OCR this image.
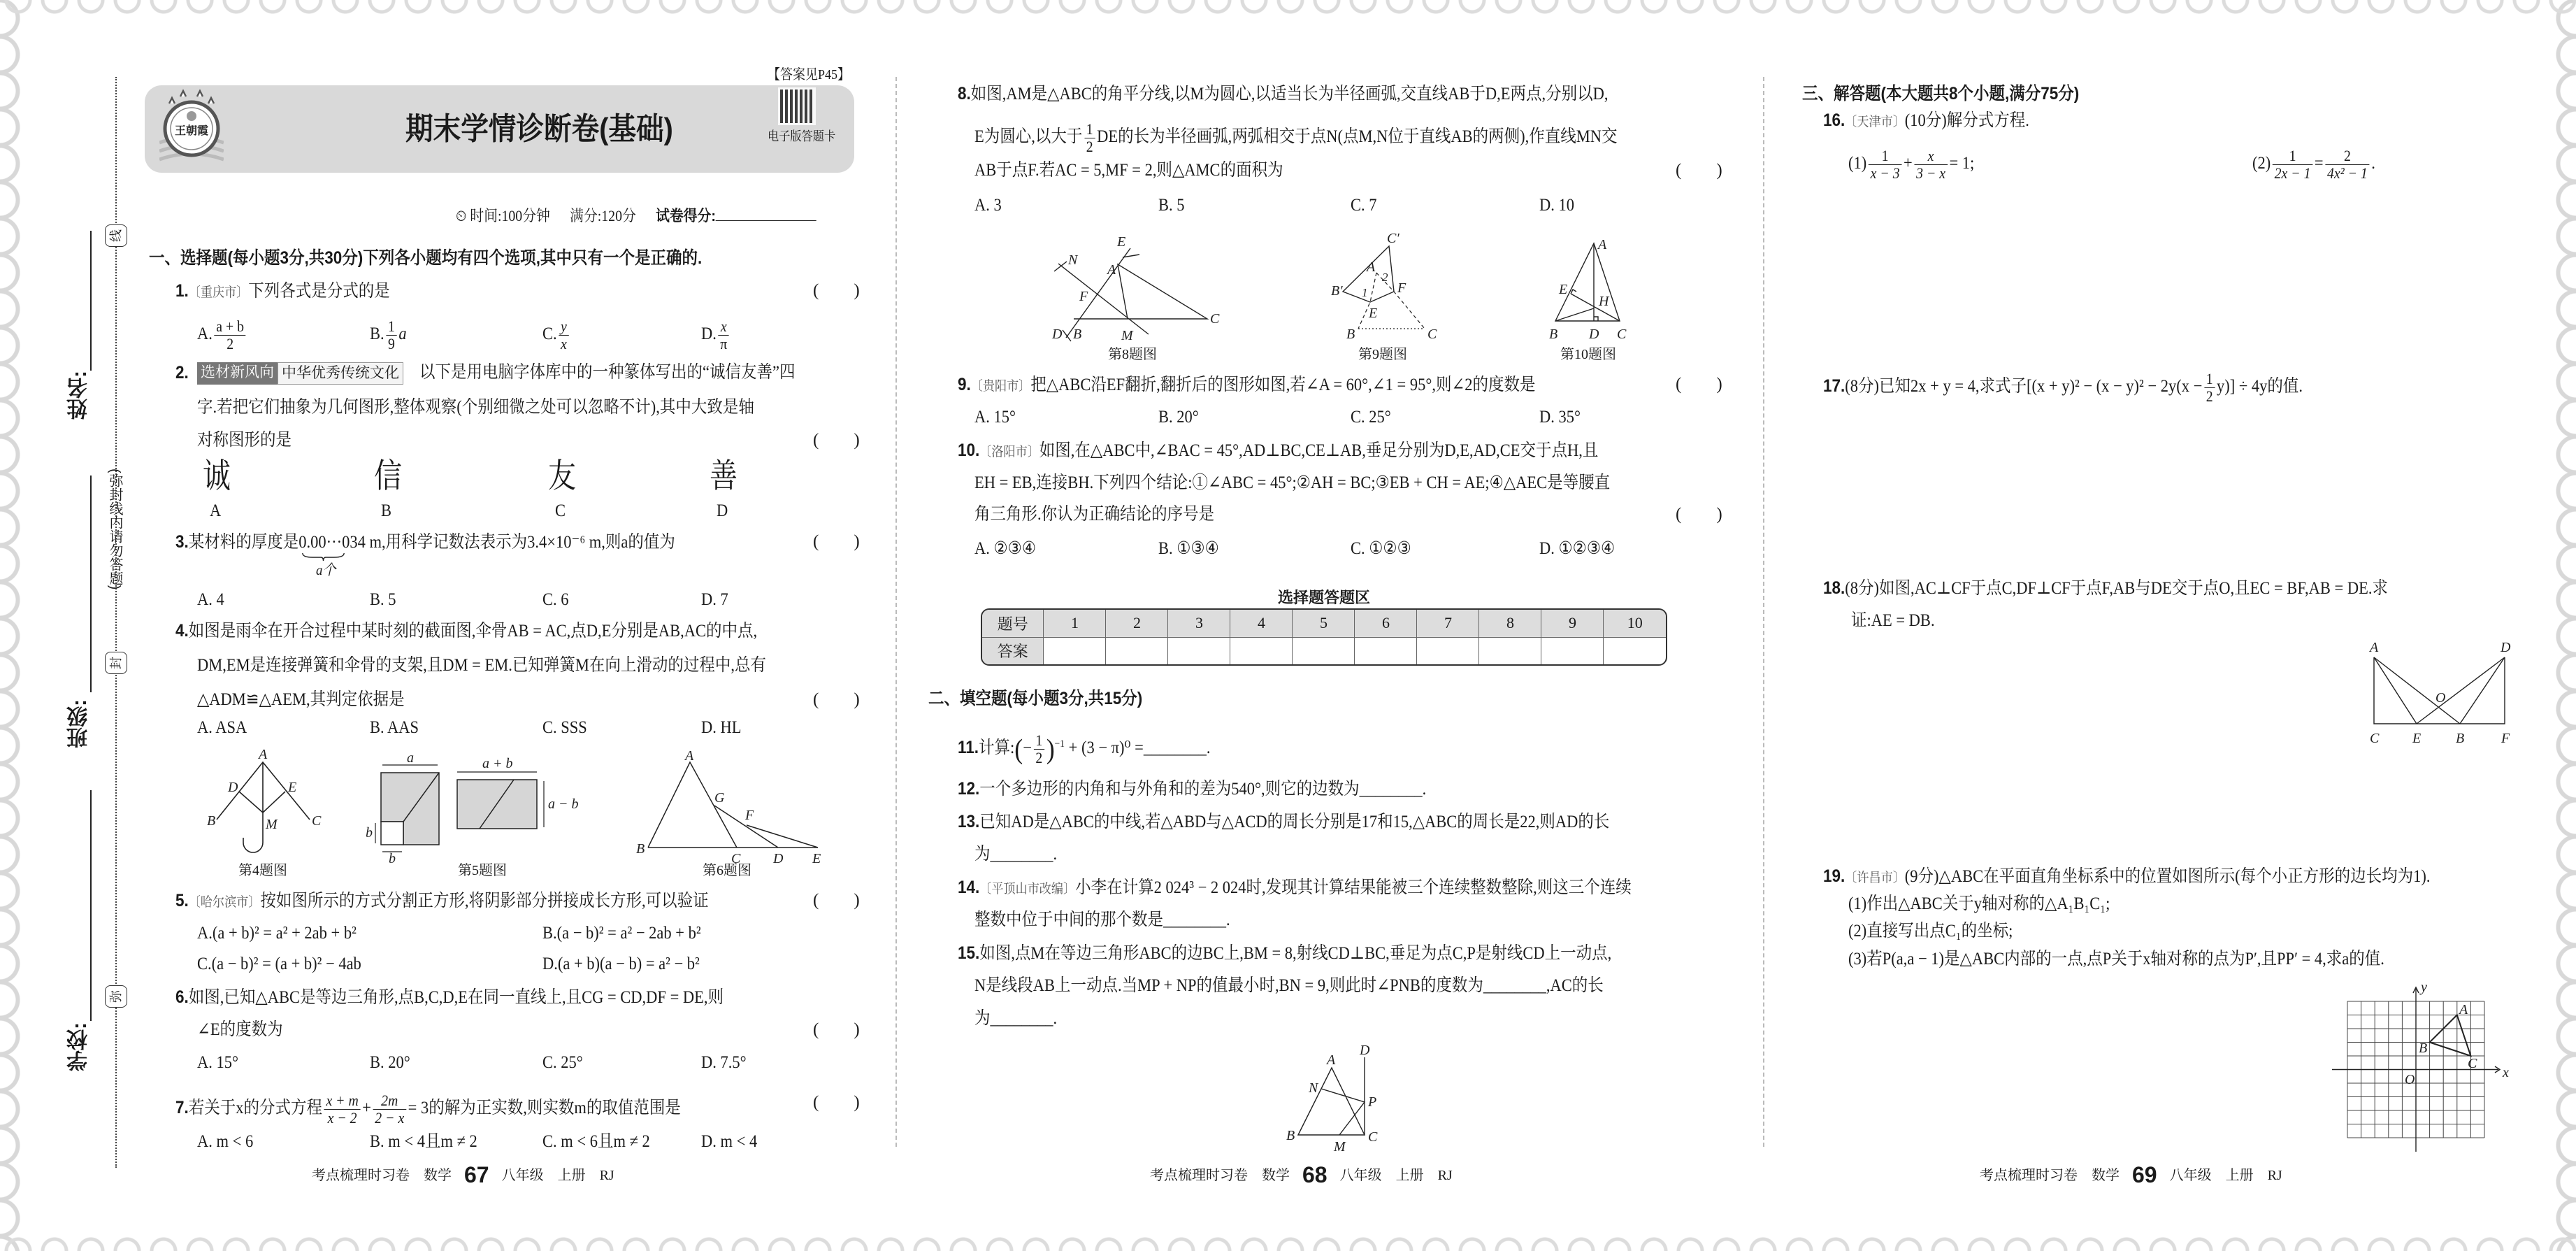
线
封
弥
姓名:
班级:
学校:
(弥封线内请勿答题)
【答案见P45】
王朝霞	期末学情诊断卷(基础)	电子版答题卡
⏲ 时间:100分钟 满分:120分 试卷得分:
一、选择题(每小题3分,共30分)下列各小题均有四个选项,其中只有一个是正确的.
1.〔重庆市〕下列各式是分式的是	(　　)
A. $\frac{a + b}{2}$	B. $\frac{1}{9}$ a	C. $\frac{y}{x}$	D. $\frac{x}{\pi}$
2. 选材新风向 中华优秀传统文化 以下是用电脑字体库中的一种篆体写出的“诚信友善”四
字.若把它们抽象为几何图形,整体观察(个别细微之处可以忽略不计),其中大致是轴
对称图形的是	(　　)
诚	信	友	善
A	B	C	D
3.某材料的厚度是0.00···0
34 m,用科学记数法表示为3.4×10⁻⁶ m,则a的值为
a个
(　　)
A. 4	B. 5	C. 6	D. 7
4.如图是雨伞在开合过程中某时刻的截面图,伞骨AB = AC,点D,E分别是AB,AC的中点,
DM,EM是连接弹簧和伞骨的支架,且DM = EM.已知弹簧M在向上滑动的过程中,总有
△ADM≌△AEM,其判定依据是	(　　)
A. ASA	B. AAS	C. SSS	D. HL
A
D	E
B	C
M
第4题图
a
b
b
a + b
a − b
第5题图
A
G
F
B
C D E
第6题图
5.〔哈尔滨市〕按如图所示的方式分割正方形,将阴影部分拼接成长方形,可以验证	(　　)
A.(a + b)² = a² + 2ab + b²	B.(a − b)² = a² − 2ab + b²
C.(a − b)² = (a + b)² − 4ab	D.(a + b)(a − b) = a² − b²
6.如图,已知△ABC是等边三角形,点B,C,D,E在同一直线上,且CG = CD,DF = DE,则
∠E的度数为	(　　)
A. 15°	B. 20°	C. 25°	D. 7.5°
7.若关于x的分式方程 $\frac{x + m}{x - 2} + \frac{2m}{2 - x} = 3$的解为正实数,则实数m的取值范围是	(　　)
A. m < 6	B. m < 4且m ≠ 2	C. m < 6且m ≠ 2	D. m < 4
考点梳理时习卷　数学 67 八年级　上册　RJ
8.如图,AM是△ABC的角平分线,以M为圆心,以适当长为半径画弧,交直线AB于D,E两点,分别以D,
E为圆心,以大于 $\frac{1}{2}$ DE的长为半径画弧,两弧相交于点N(点M,N位于直线AB的两侧),作直线MN交
AB于点F.若AC = 5,MF = 2,则△AMC的面积为	(　　)
A. 3	B. 5	C. 7	D. 10
E
N
A
F
D B	M
C
第8题图
C′
A
2
B′ 1 F
E
B	C
第9题图
A
E
H
B D C
第10题图
9.〔贵阳市〕把△ABC沿EF翻折,翻折后的图形如图,若∠A = 60°,∠1 = 95°,则∠2的度数是	(　　)
A. 15°	B. 20°	C. 25°	D. 35°
10.〔洛阳市〕如图,在△ABC中,∠BAC = 45°,AD⊥BC,CE⊥AB,垂足分别为D,E,AD,CE交于点H,且
EH = EB,连接BH.下列四个结论:①∠ABC = 45°;②AH = BC;③EB + CH = AE;④△AEC是等腰直
角三角形.你认为正确结论的序号是	(　　)
A. ②③④	B. ①③④	C. ①②③	D. ①②③④
选择题答题区
题号	1	2	3	4	5	6	7	8	9	10
答案										
二、填空题(每小题3分,共15分)
11.计算:(− $\frac{1}{2} )^{-1} + (3 - \pi)^0$ =________.
12.一个多边形的内角和与外角和的差为540°,则它的边数为________.
13.已知AD是△ABC的中线,若△ABD与△ACD的周长分别是17和15,△ABC的周长是22,则AD的长
为________.
14.〔平顶山市改编〕小李在计算2 024³ − 2 024时,发现其计算结果能被三个连续整数整除,则这三个连续
整数中位于中间的那个数是________.
15.如图,点M在等边三角形ABC的边BC上,BM = 8,射线CD⊥BC,垂足为点C,P是射线CD上一动点,
N是线段AB上一动点.当MP + NP的值最小时,BN = 9,则此时∠PNB的度数为________,AC的长
为________.
A
D
N
P
B
M
C
考点梳理时习卷　数学 68 八年级　上册　RJ
三、解答题(本大题共8个小题,满分75分)
16.〔天津市〕(10分)解分式方程.
$(1) \frac{1}{x - 3} + \frac{x}{3 - x} = 1$;	$(2) \frac{1}{2x - 1} = \frac{2}{\text{4x² − 1}}$ .
17.(8分)已知2x + y = 4,求式子$[(x + y)^2 - (x - y)^2 - 2y(x - \frac{1}{2} y)] \div 4y$的值.
18.(8分)如图,AC⊥CF于点C,DF⊥CF于点F,AB与DE交于点O,且EC = BF,AB = DE.求
证:AE = DB.
A	D
O
C E B	F
19.〔许昌市〕(9分)△ABC在平面直角坐标系中的位置如图所示(每个小正方形的边长均为1).
(1)作出△ABC关于y轴对称的△A₁B₁C₁;
(2)直接写出点C₁的坐标;
(3)若P(a,a − 1)是△ABC内部的一点,点P关于x轴对称的点为P′,且PP′ = 4,求a的值.
y
x
O
A
B
C
考点梳理时习卷　数学 69 八年级　上册　RJ
